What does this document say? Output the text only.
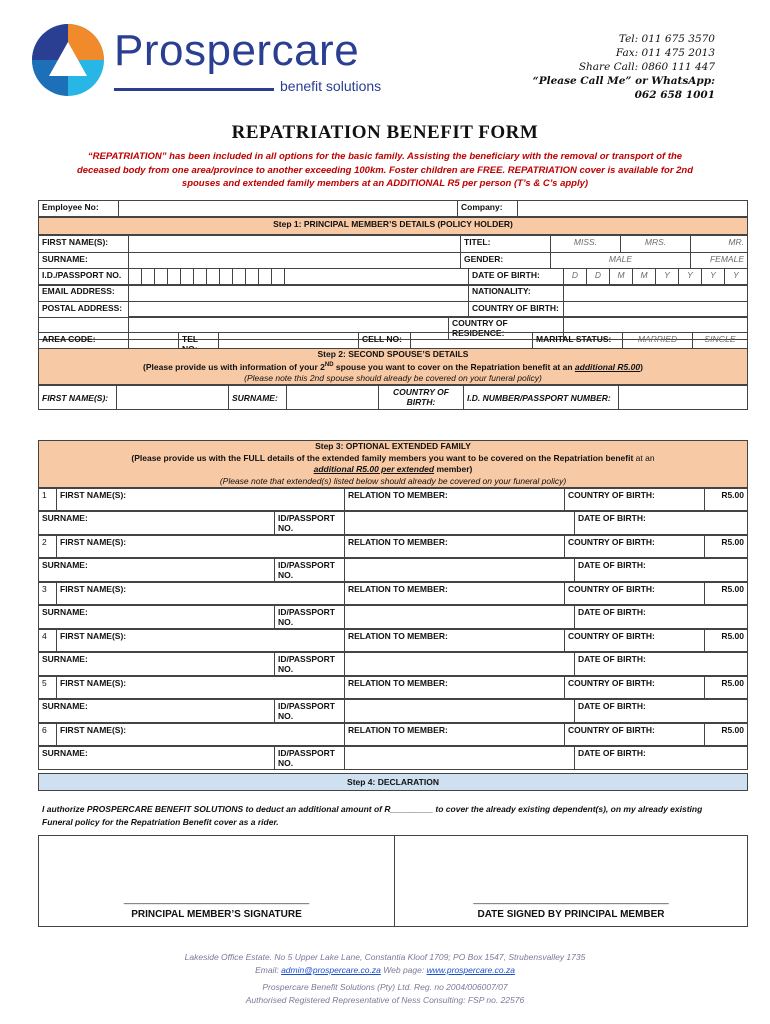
Prospercare
benefit solutions
Tel: 011 675 3570
Fax: 011 475 2013
Share Call: 0860 111 447
“Please Call Me” or WhatsApp:
062 658 1001
REPATRIATION BENEFIT FORM
“REPATRIATION” has been included in all options for the basic family. Assisting the beneficiary with the removal or transport of the
deceased body from one area/province to another exceeding 100km. Foster children are FREE. REPATRIATION cover is available for 2nd
spouses and extended family members at an ADDITIONAL R5 per person (T’s & C’s apply)
Employee No:		Company:	
Step 1: PRINCIPAL MEMBER’S DETAILS (POLICY HOLDER)
FIRST NAME(S):		TITEL:	MISS.	MRS.	MR.
SURNAME:		GENDER:	MALE		FEMALE
I.D./PASSPORT NO.														DATE OF BIRTH:	D	D	M	M	Y	Y	Y	Y
EMAIL ADDRESS:		NATIONALITY:	
POSTAL ADDRESS:		COUNTRY OF BIRTH:	
		COUNTRY OF RESIDENCE:	
AREA CODE:		TEL		CELL NO:		MARITAL STATUS:	MARRIED	SINGLE
Step 2: SECOND SPOUSE’S DETAILS
(Please provide us with information of your 2ND spouse you want to cover on the Repatriation benefit at an additional R5.00)
(Please note this 2nd spouse should already be covered on your funeral policy)
FIRST NAME(S):		SURNAME:		
COUNTRY OF
BIRTH:	I.D. NUMBER/PASSPORT NUMBER:	
Step 3: OPTIONAL EXTENDED FAMILY
(Please provide us with the FULL details of the extended family members you want to be covered on the Repatriation benefit at an
additional R5.00 per extended member)
(Please note that extended(s) listed below should already be covered on your funeral policy)
1	FIRST NAME(S):	RELATION TO MEMBER:	COUNTRY OF BIRTH:	R5.00
SURNAME:	ID/PASSPORT
NO.
		DATE OF BIRTH:
2	FIRST NAME(S):	RELATION TO MEMBER:	COUNTRY OF BIRTH:	R5.00
SURNAME:	ID/PASSPORT
NO.
		DATE OF BIRTH:
3	FIRST NAME(S):	RELATION TO MEMBER:	COUNTRY OF BIRTH:	R5.00
SURNAME:	ID/PASSPORT
NO.
		DATE OF BIRTH:
4	FIRST NAME(S):	RELATION TO MEMBER:	COUNTRY OF BIRTH:	R5.00
SURNAME:	ID/PASSPORT
NO.
		DATE OF BIRTH:
5	FIRST NAME(S):	RELATION TO MEMBER:	COUNTRY OF BIRTH:	R5.00
SURNAME:	ID/PASSPORT
NO.
		DATE OF BIRTH:
6	FIRST NAME(S):	RELATION TO MEMBER:	COUNTRY OF BIRTH:	R5.00
SURNAME:	ID/PASSPORT
NO.
		DATE OF BIRTH:
Step 4: DECLARATION
I authorize PROSPERCARE BENEFIT SOLUTIONS to deduct an additional amount of R_________ to cover the already existing dependent(s), on my already existing
Funeral policy for the Repatriation Benefit cover as a rider.
_____________________________________
PRINCIPAL MEMBER’S SIGNATURE
_______________________________________
DATE SIGNED BY PRINCIPAL MEMBER
Lakeside Office Estate. No 5 Upper Lake Lane, Constantia Kloof 1709; PO Box 1547, Strubensvalley 1735
Email: admin@prospercare.co.za Web page: www.prospercare.co.za
Prospercare Benefit Solutions (Pty) Ltd. Reg. no 2004/006007/07
Authorised Registered Representative of Ness Consulting: FSP no. 22576
